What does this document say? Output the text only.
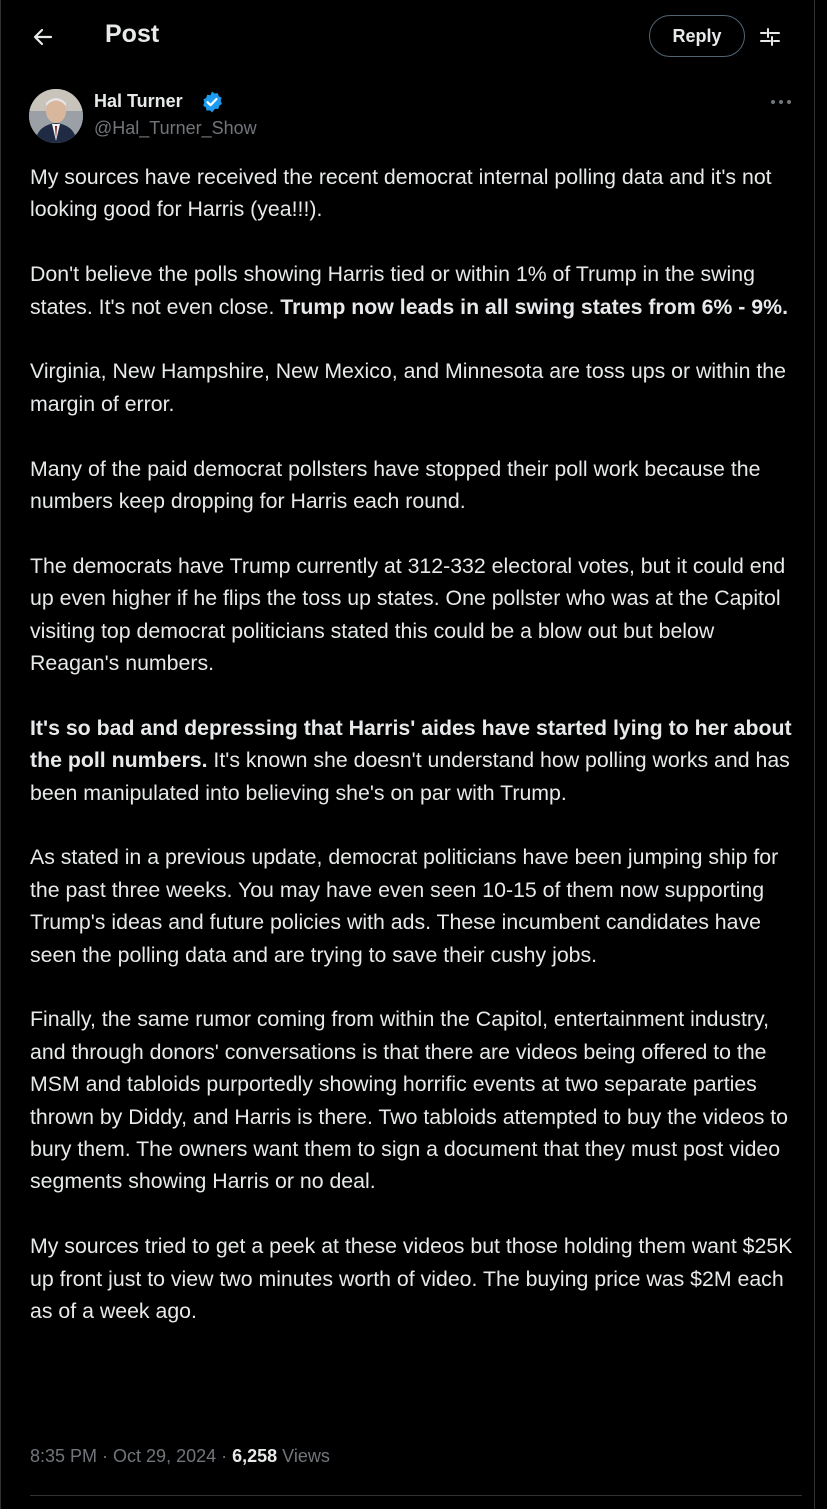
Post	Reply
Hal Turner
@Hal_Turner_Show

My sources have received the recent democrat internal polling data and it's not looking good for Harris (yea!!!).

Don't believe the polls showing Harris tied or within 1% of Trump in the swing states. It's not even close. Trump now leads in all swing states from 6% - 9%.

Virginia, New Hampshire, New Mexico, and Minnesota are toss ups or within the margin of error.

Many of the paid democrat pollsters have stopped their poll work because the numbers keep dropping for Harris each round.

The democrats have Trump currently at 312-332 electoral votes, but it could end up even higher if he flips the toss up states. One pollster who was at the Capitol visiting top democrat politicians stated this could be a blow out but below Reagan's numbers.

It's so bad and depressing that Harris' aides have started lying to her about the poll numbers. It's known she doesn't understand how polling works and has been manipulated into believing she's on par with Trump.

As stated in a previous update, democrat politicians have been jumping ship for the past three weeks. You may have even seen 10-15 of them now supporting Trump's ideas and future policies with ads. These incumbent candidates have seen the polling data and are trying to save their cushy jobs.

Finally, the same rumor coming from within the Capitol, entertainment industry, and through donors' conversations is that there are videos being offered to the MSM and tabloids purportedly showing horrific events at two separate parties thrown by Diddy, and Harris is there. Two tabloids attempted to buy the videos to bury them. The owners want them to sign a document that they must post video segments showing Harris or no deal.

My sources tried to get a peek at these videos but those holding them want $25K up front just to view two minutes worth of video. The buying price was $2M each as of a week ago.

8:35 PM · Oct 29, 2024 · 6,258 Views
